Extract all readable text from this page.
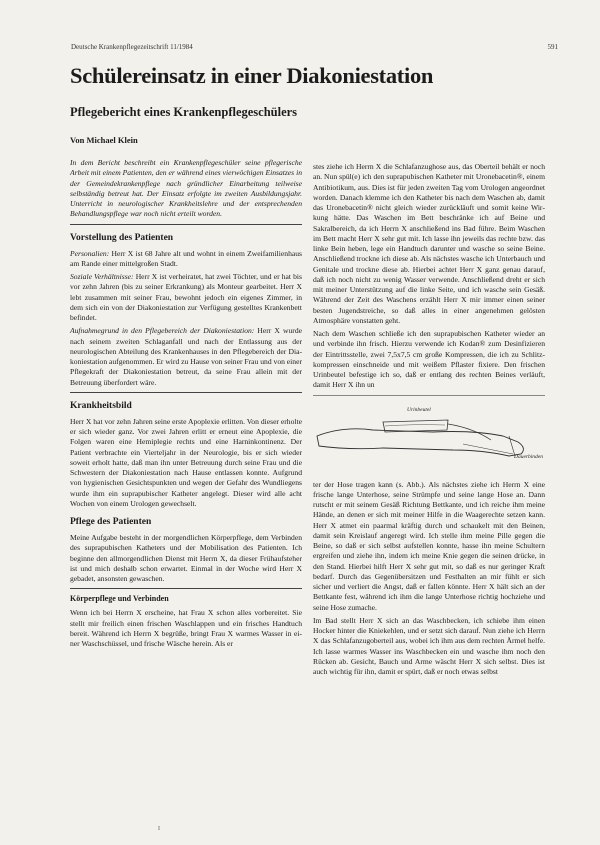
Deutsche Krankenpflegezeitschrift 11/1984	591
Schülereinsatz in einer Diakoniestation
Pflegebericht eines Krankenpflegeschülers
Von Michael Klein

In dem Bericht beschreibt ein Krankenpflegeschüler seine pflegerische Arbeit mit einem Patienten, den er während eines vierwöchigen Einsatzes in der Gemeindekrankenpflege nach gründlicher Einarbeitung teilweise selbständig betreut hat. Der Einsatz erfolgte im zweiten Ausbildungsjahr. Unterricht in neurologischer Krankheitslehre und der entsprechenden Behandlungspflege war noch nicht erteilt worden.

Vorstellung des Patienten

Personalien: Herr X ist 68 Jahre alt und wohnt in einem Zweifamilienhaus am Rande einer mittelgroßen Stadt.

Soziale Verhältnisse: Herr X ist verheiratet, hat zwei Töchter, und er hat bis vor zehn Jahren (bis zu seiner Erkrankung) als Monteur gearbeitet. Herr X lebt zusammen mit seiner Frau, bewohnt jedoch ein eigenes Zimmer, in dem sich ein von der Diakoniestation zur Verfügung gestelltes Krankenbett befindet.

Aufnahmegrund in den Pflegebereich der Diakoniestation: Herr X wurde nach seinem zweiten Schlaganfall und nach der Entlassung aus der neurologischen Abteilung des Krankenhauses in den Pflegebereich der Diakoniestation aufgenommen. Er wird zu Hause von seiner Frau und von einer Pflegekraft der Diakoniestation betreut, da seine Frau allein mit der Betreuung überfordert wäre.

Krankheitsbild

Herr X hat vor zehn Jahren seine erste Apoplexie erlitten. Von dieser erholte er sich wieder ganz. Vor zwei Jahren erlitt er erneut eine Apoplexie, die Folgen waren eine Hemiplegie rechts und eine Harninkontinenz. Der Patient verbrachte ein Vierteljahr in der Neurologie, bis er sich wieder soweit erholt hatte, daß man ihn unter Betreuung durch seine Frau und die Schwestern der Diakoniestation nach Hause entlassen konnte. Aufgrund von hygienischen Gesichtspunkten und wegen der Gefahr des Wundliegens wurde ihm ein suprapubischer Katheter angelegt. Dieser wird alle acht Wochen von einem Urologen gewechselt.

Pflege des Patienten

Meine Aufgabe besteht in der morgendlichen Körperpflege, dem Verbinden des suprapubischen Katheters und der Mobilisation des Patienten. Ich beginne den allmorgendlichen Dienst mit Herrn X, da dieser Frühaufsteher ist und mich deshalb schon erwartet. Einmal in der Woche wird Herr X gebadet, ansonsten gewaschen.

Körperpflege und Verbinden

Wenn ich bei Herrn X erscheine, hat Frau X schon alles vorbereitet. Sie stellt mir freilich einen frischen Waschlappen und ein frisches Handtuch bereit. Während ich Herrn X begrüße, bringt Frau X warmes Wasser in einer Waschschüssel, und frische Wäsche herein. Als er

stes ziehe ich Herrn X die Schlafanzughose aus, das Oberteil behält er noch an. Nun spül(e) ich den suprapubischen Katheter mit Uronebacetin®, einem Antibiotikum, aus. Dies ist für jeden zweiten Tag vom Urologen angeordnet worden. Danach klemme ich den Katheter bis nach dem Waschen ab, damit das Uronebacetin® nicht gleich wieder zurückläuft und somit keine Wirkung hätte. Das Waschen im Bett beschränke ich auf Beine und Sakralbereich, da ich Herrn X anschließend ins Bad führe. Beim Waschen im Bett macht Herr X sehr gut mit. Ich lasse ihn jeweils das rechte bzw. das linke Bein heben, lege ein Handtuch darunter und wasche so seine Beine. Anschließend trockne ich diese ab. Als nächstes wasche ich Unterbauch und Genitale und trockne diese ab. Hierbei achtet Herr X ganz genau darauf, daß ich noch nicht zu wenig Wasser verwende. Anschließend dreht er sich mit meiner Unterstützung auf die linke Seite, und ich wasche sein Gesäß. Während der Zeit des Waschens erzählt Herr X mir immer einen seiner besten Jugendstreiche, so daß alles in einer angenehmen gelösten Atmosphäre vonstatten geht.

Nach dem Waschen schließe ich den suprapubischen Katheter wieder an und verbinde ihn frisch. Hierzu verwende ich Kodan® zum Desinfizieren der Eintrittsstelle, zwei 7,5x7,5 cm große Kompressen, die ich zu Schlitzkompressen einschneide und mit weißem Pflaster fixiere. Den frischen Urinbeutel befestige ich so, daß er entlang des rechten Beines verläuft, damit Herr X ihn un

Urinbeutel
Dauerbinden

ter der Hose tragen kann (s. Abb.). Als nächstes ziehe ich Herrn X eine frische lange Unterhose, seine Strümpfe und seine lange Hose an. Dann rutscht er mit seinem Gesäß Richtung Bettkante, und ich reiche ihm meine Hände, an denen er sich mit meiner Hilfe in die Waagerechte setzen kann. Herr X atmet ein paarmal kräftig durch und schaukelt mit den Beinen, damit sein Kreislauf angeregt wird. Ich stelle ihm meine Pille gegen die Beine, so daß er sich selbst aufstellen konnte, hasse ihn meine Schultern ergreifen und ziehe ihn, indem ich meine Knie gegen die seinen drücke, in den Stand. Hierbei hilft Herr X sehr gut mit, so daß es nur geringer Kraft bedarf. Durch das Gegenübersitzen und Festhalten an mir fühlt er sich sicher und verliert die Angst, daß er fallen könnte. Herr X hält sich an der Bettkante fest, während ich ihm die lange Unterhose richtig hochziehe und seine Hose zumache.

Im Bad stellt Herr X sich an das Waschbecken, ich schiebe ihm einen Hocker hinter die Kniekehlen, und er setzt sich darauf. Nun ziehe ich Herrn X das Schlafanzugoberteil aus, wobei ich ihm aus dem rechten Ärmel helfe. Ich lasse warmes Wasser ins Waschbecken ein und wasche ihm noch den Rücken ab. Gesicht, Bauch und Arme wäscht Herr X sich selbst. Dies ist auch wichtig für ihn, damit er spürt, daß er noch etwas selbst

I
